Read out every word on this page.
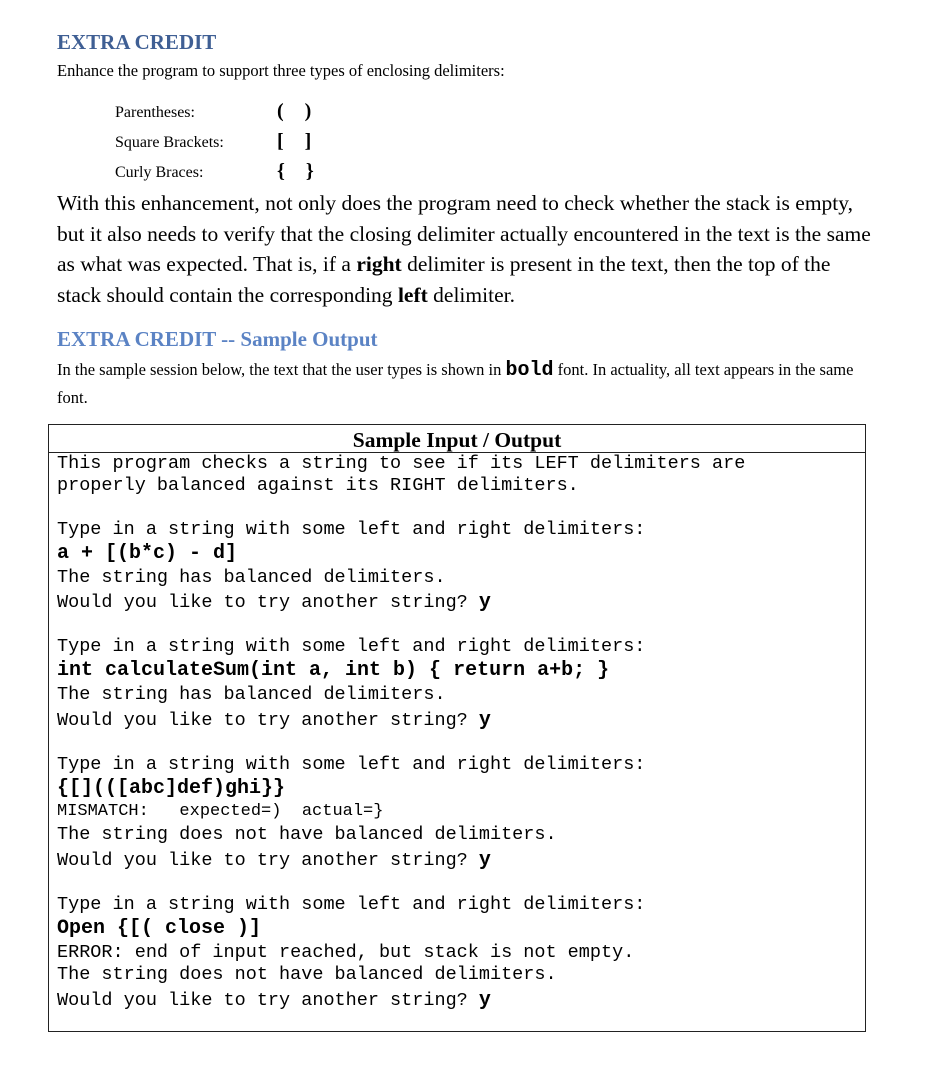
EXTRA CREDIT
Enhance the program to support three types of enclosing delimiters:
Parentheses:	( )
Square Brackets:	[ ]
Curly Braces:	{ }
With this enhancement, not only does the program need to check whether the stack is empty, but it also needs to verify that the closing delimiter actually encountered in the text is the same as what was expected. That is, if a right delimiter is present in the text, then the top of the stack should contain the corresponding left delimiter.
EXTRA CREDIT -- Sample Output
In the sample session below, the text that the user types is shown in bold font. In actuality, all text appears in the same font.
Sample Input / Output
This program checks a string to see if its LEFT delimiters are
properly balanced against its RIGHT delimiters.
Type in a string with some left and right delimiters:
a + [(b*c) - d]
The string has balanced delimiters.
Would you like to try another string? y
Type in a string with some left and right delimiters:
int calculateSum(int a, int b) { return a+b; }
The string has balanced delimiters.
Would you like to try another string? y
Type in a string with some left and right delimiters:
{[](([abc]def)ghi}}
MISMATCH:   expected=)  actual=}
The string does not have balanced delimiters.
Would you like to try another string? y
Type in a string with some left and right delimiters:
Open {[( close )]
ERROR: end of input reached, but stack is not empty.
The string does not have balanced delimiters.
Would you like to try another string? y
